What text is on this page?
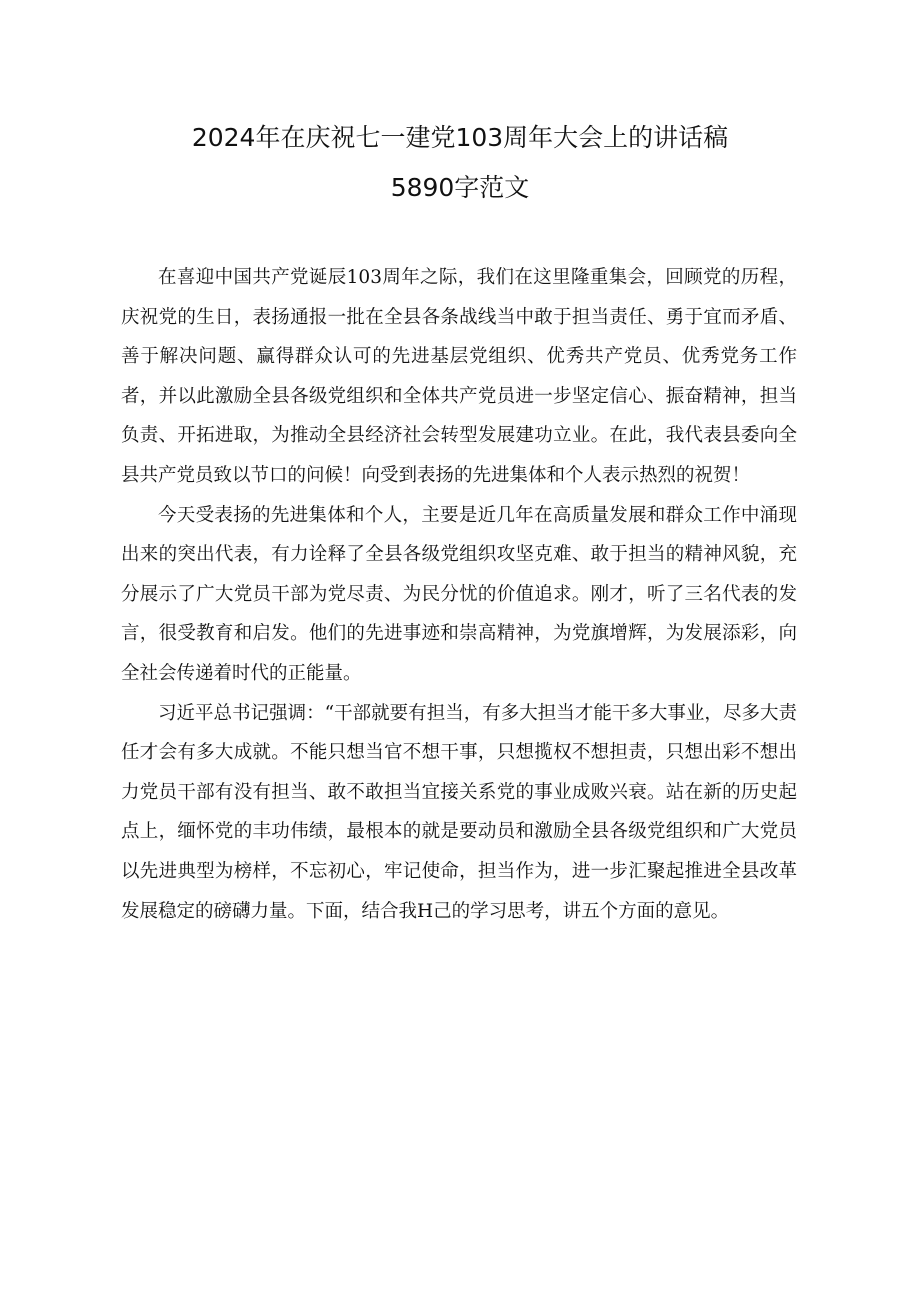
2024年在庆祝七一建党103周年大会上的讲话稿
5890字范文

在喜迎中国共产党诞辰103周年之际，我们在这里隆重集会，回顾党的历程，庆祝党的生日，表扬通报一批在全县各条战线当中敢于担当责任、勇于宜而矛盾、善于解决问题、赢得群众认可的先进基层党组织、优秀共产党员、优秀党务工作者，并以此激励全县各级党组织和全体共产党员进一步坚定信心、振奋精神，担当负责、开拓进取，为推动全县经济社会转型发展建功立业。在此，我代表县委向全县共产党员致以节口的问候！向受到表扬的先进集体和个人表示热烈的祝贺！

今天受表扬的先进集体和个人，主要是近几年在高质量发展和群众工作中涌现出来的突出代表，有力诠释了全县各级党组织攻坚克难、敢于担当的精神风貌，充分展示了广大党员干部为党尽责、为民分忧的价值追求。刚才，听了三名代表的发言，很受教育和启发。他们的先进事迹和崇高精神，为党旗增辉，为发展添彩，向全社会传递着时代的正能量。

习近平总书记强调：“干部就要有担当，有多大担当才能干多大事业，尽多大责任才会有多大成就。不能只想当官不想干事，只想揽权不想担责，只想出彩不想出力党员干部有没有担当、敢不敢担当宜接关系党的事业成败兴衰。站在新的历史起点上，缅怀党的丰功伟绩，最根本的就是要动员和激励全县各级党组织和广大党员以先进典型为榜样，不忘初心，牢记使命，担当作为，进一步汇聚起推进全县改革发展稳定的磅礴力量。下面，结合我H己的学习思考，讲五个方面的意见。
